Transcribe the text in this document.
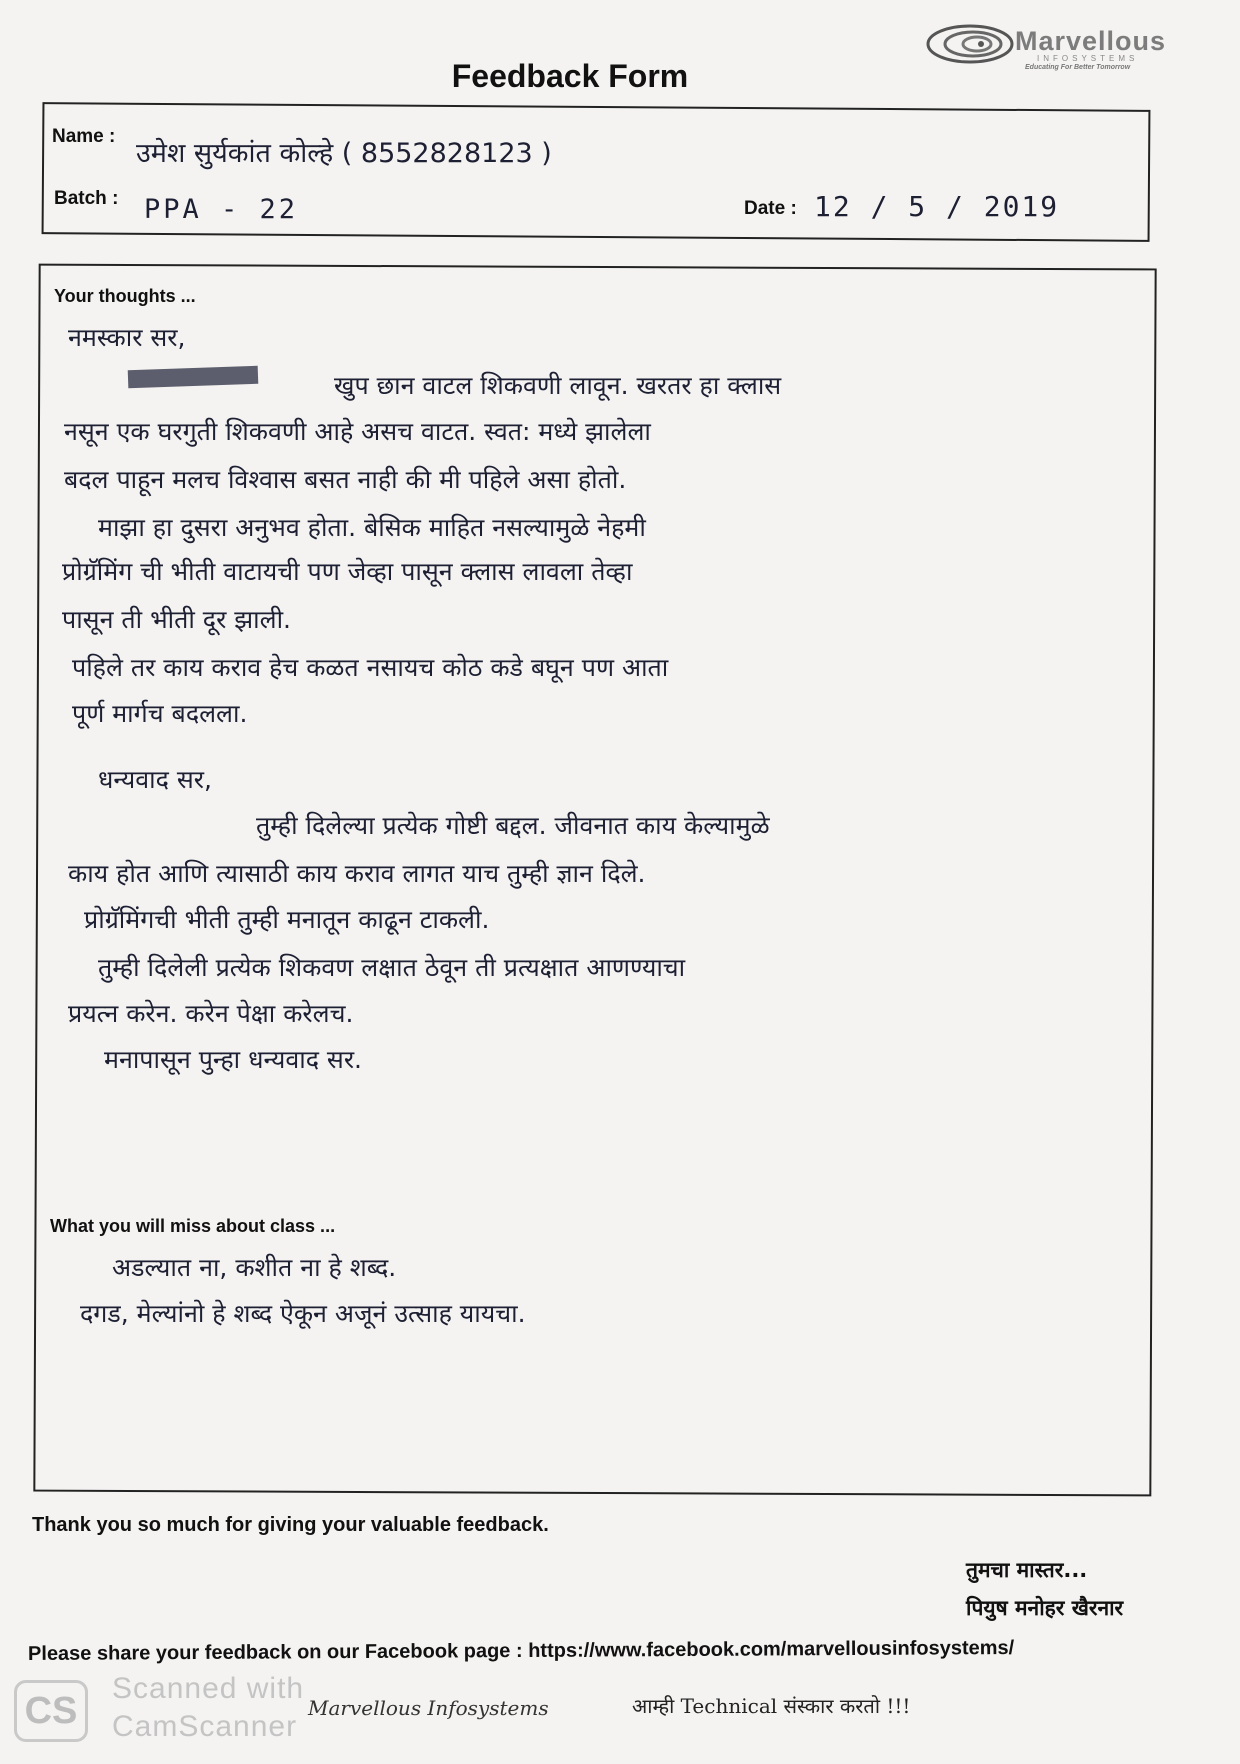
Marvellous
INFOSYSTEMS
Educating For Better Tomorrow
Feedback Form
Name :
उमेश सुर्यकांत कोल्हे ( 8552828123 )
Batch : PPA - 22	Date : 12 / 5 / 2019
Your thoughts ...
नमस्कार सर,
खुप छान वाटल शिकवणी लावून. खरतर हा क्लास
नसून एक घरगुती शिकवणी आहे असच वाटत. स्वत: मध्ये झालेला
बदल पाहून मलच विश्वास बसत नाही की मी पहिले असा होतो.
माझा हा दुसरा अनुभव होता. बेसिक माहित नसल्यामुळे नेहमी
प्रोग्रॅमिंग ची भीती वाटायची पण जेव्हा पासून क्लास लावला तेव्हा
पासून ती भीती दूर झाली.
पहिले तर काय कराव हेच कळत नसायच कोठ कडे बघून पण आता
पूर्ण मार्गच बदलला.
धन्यवाद सर,
तुम्ही दिलेल्या प्रत्येक गोष्टी बद्दल. जीवनात काय केल्यामुळे
काय होत आणि त्यासाठी काय कराव लागत याच तुम्ही ज्ञान दिले.
प्रोग्रॅमिंगची भीती तुम्ही मनातून काढून टाकली.
तुम्ही दिलेली प्रत्येक शिकवण लक्षात ठेवून ती प्रत्यक्षात आणण्याचा
प्रयत्न करेन. करेन पेक्षा करेलच.
मनापासून पुन्हा धन्यवाद सर.
What you will miss about class ...
अडल्यात ना, कशीत ना हे शब्द.
दगड, मेल्यांनो हे शब्द ऐकून अजूनं उत्साह यायचा.
Thank you so much for giving your valuable feedback.
तुमचा मास्तर...
पियुष मनोहर खैरनार
Please share your feedback on our Facebook page : https://www.facebook.com/marvellousinfosystems/
CS
Scanned with
CamScanner
Marvellous Infosystems	आम्ही Technical संस्कार करतो !!!
